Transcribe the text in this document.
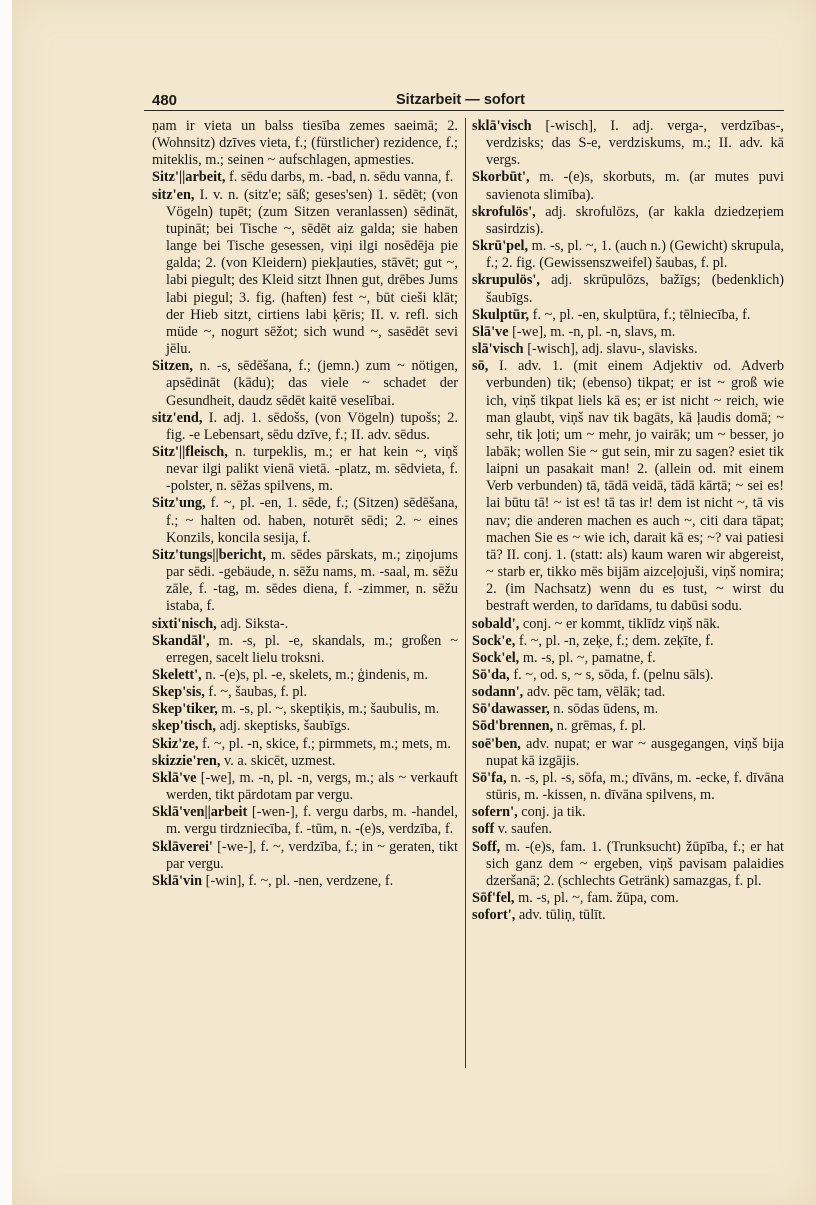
480	Sitzarbeit — sofort

ņam ir vieta un balss tiesība zemes saeimā; 2. (Wohnsitz) dzīves vieta, f.; (fürstlicher) rezidence, f.; miteklis, m.; seinen ~ aufschlagen, apmesties.

Sitz'||arbeit, f. sēdu darbs, m. -bad, n. sēdu vanna, f.

sitz'en, I. v. n. (sitz'e; sāß; geses'sen) 1. sēdēt; (von Vögeln) tupēt; (zum Sitzen veranlassen) sēdināt, tupināt; bei Tische ~, sēdēt aiz galda; sie haben lange bei Tische gesessen, viņi ilgi nosēdēja pie galda; 2. (von Kleidern) piekļauties, stāvēt; gut ~, labi piegult; des Kleid sitzt Ihnen gut, drēbes Jums labi piegul; 3. fig. (haften) fest ~, būt cieši klāt; der Hieb sitzt, cirtiens labi ķēris; II. v. refl. sich müde ~, nogurt sēžot; sich wund ~, sasēdēt sevi jēlu.

Sitzen, n. -s, sēdēšana, f.; (jemn.) zum ~ nötigen, apsēdināt (kādu); das viele ~ schadet der Gesundheit, daudz sēdēt kaitē veselībai.

sitz'end, I. adj. 1. sēdošs, (von Vögeln) tupošs; 2. fig. -e Lebensart, sēdu dzīve, f.; II. adv. sēdus.

Sitz'||fleisch, n. turpeklis, m.; er hat kein ~, viņš nevar ilgi palikt vienā vietā. -platz, m. sēdvieta, f. -polster, n. sēžas spilvens, m.

Sitz'ung, f. ~, pl. -en, 1. sēde, f.; (Sitzen) sēdēšana, f.; ~ halten od. haben, noturēt sēdi; 2. ~ eines Konzils, koncila sesija, f.

Sitz'tungs||bericht, m. sēdes pārskats, m.; ziņojums par sēdi. -gebäude, n. sēžu nams, m. -saal, m. sēžu zāle, f. -tag, m. sēdes diena, f. -zimmer, n. sēžu istaba, f.

sixti'nisch, adj. Siksta-.

Skandāl', m. -s, pl. -e, skandals, m.; großen ~ erregen, sacelt lielu troksni.

Skelett', n. -(e)s, pl. -e, skelets, m.; ģindenis, m.

Skep'sis, f. ~, šaubas, f. pl.

Skep'tiker, m. -s, pl. ~, skeptiķis, m.; šaubulis, m.

skep'tisch, adj. skeptisks, šaubīgs.

Skiz'ze, f. ~, pl. -n, skice, f.; pirmmets, m.; mets, m.

skizzie'ren, v. a. skicēt, uzmest.

Sklā've [-we], m. -n, pl. -n, vergs, m.; als ~ verkauft werden, tikt pārdotam par vergu.

Sklā'ven||arbeit [-wen-], f. vergu darbs, m. -handel, m. vergu tirdzniecība, f. -tūm, n. -(e)s, verdzība, f.

Sklāverei' [-we-], f. ~, verdzība, f.; in ~ geraten, tikt par vergu.

Sklā'vin [-win], f. ~, pl. -nen, verdzene, f.

sklā'visch [-wisch], I. adj. verga-, verdzības-, verdzisks; das S-e, verdziskums, m.; II. adv. kā vergs.

Skorbūt', m. -(e)s, skorbuts, m. (ar mutes puvi savienota slimība).

skrofulös', adj. skrofulōzs, (ar kakla dziedzeŗiem sasirdzis).

Skrū'pel, m. -s, pl. ~, 1. (auch n.) (Gewicht) skrupula, f.; 2. fig. (Gewissenszweifel) šaubas, f. pl.

skrupulös', adj. skrūpulōzs, bažīgs; (bedenklich) šaubīgs.

Skulptūr, f. ~, pl. -en, skulptūra, f.; tēlniecība, f.

Slā've [-we], m. -n, pl. -n, slavs, m.

slā'visch [-wisch], adj. slavu-, slavisks.

sō, I. adv. 1. (mit einem Adjektiv od. Adverb verbunden) tik; (ebenso) tikpat; er ist ~ groß wie ich, viņš tikpat liels kā es; er ist nicht ~ reich, wie man glaubt, viņš nav tik bagāts, kā ļaudis domā; ~ sehr, tik ļoti; um ~ mehr, jo vairāk; um ~ besser, jo labāk; wollen Sie ~ gut sein, mir zu sagen? esiet tik laipni un pasakait man! 2. (allein od. mit einem Verb verbunden) tā, tādā veidā, tādā kārtā; ~ sei es! lai būtu tā! ~ ist es! tā tas ir! dem ist nicht ~, tā vis nav; die anderen machen es auch ~, citi dara tāpat; machen Sie es ~ wie ich, darait kā es; ~? vai patiesi tā? II. conj. 1. (statt: als) kaum waren wir abgereist, ~ starb er, tikko mēs bijām aizceļojuši, viņš nomira; 2. (im Nachsatz) wenn du es tust, ~ wirst du bestraft werden, to darīdams, tu dabūsi sodu.

sobald', conj. ~ er kommt, tiklīdz viņš nāk.

Sock'e, f. ~, pl. -n, zeķe, f.; dem. zeķīte, f.

Sock'el, m. -s, pl. ~, pamatne, f.

Sō'da, f. ~, od. s, ~ s, sōda, f. (pelnu sāls).

sodann', adv. pēc tam, vēlāk; tad.

Sō'dawasser, n. sōdas ūdens, m.

Sōd'brennen, n. grēmas, f. pl.

soē'ben, adv. nupat; er war ~ ausgegangen, viņš bija nupat kā izgājis.

Sō'fa, n. -s, pl. -s, sōfa, m.; dīvāns, m. -ecke, f. dīvāna stūris, m. -kissen, n. dīvāna spilvens, m.

sofern', conj. ja tik.

soff v. saufen.

Soff, m. -(e)s, fam. 1. (Trunksucht) žūpība, f.; er hat sich ganz dem ~ ergeben, viņš pavisam palaidies dzeršanā; 2. (schlechts Getränk) samazgas, f. pl.

Sōf'fel, m. -s, pl. ~, fam. žūpa, com.

sofort', adv. tūliņ, tūlīt.
